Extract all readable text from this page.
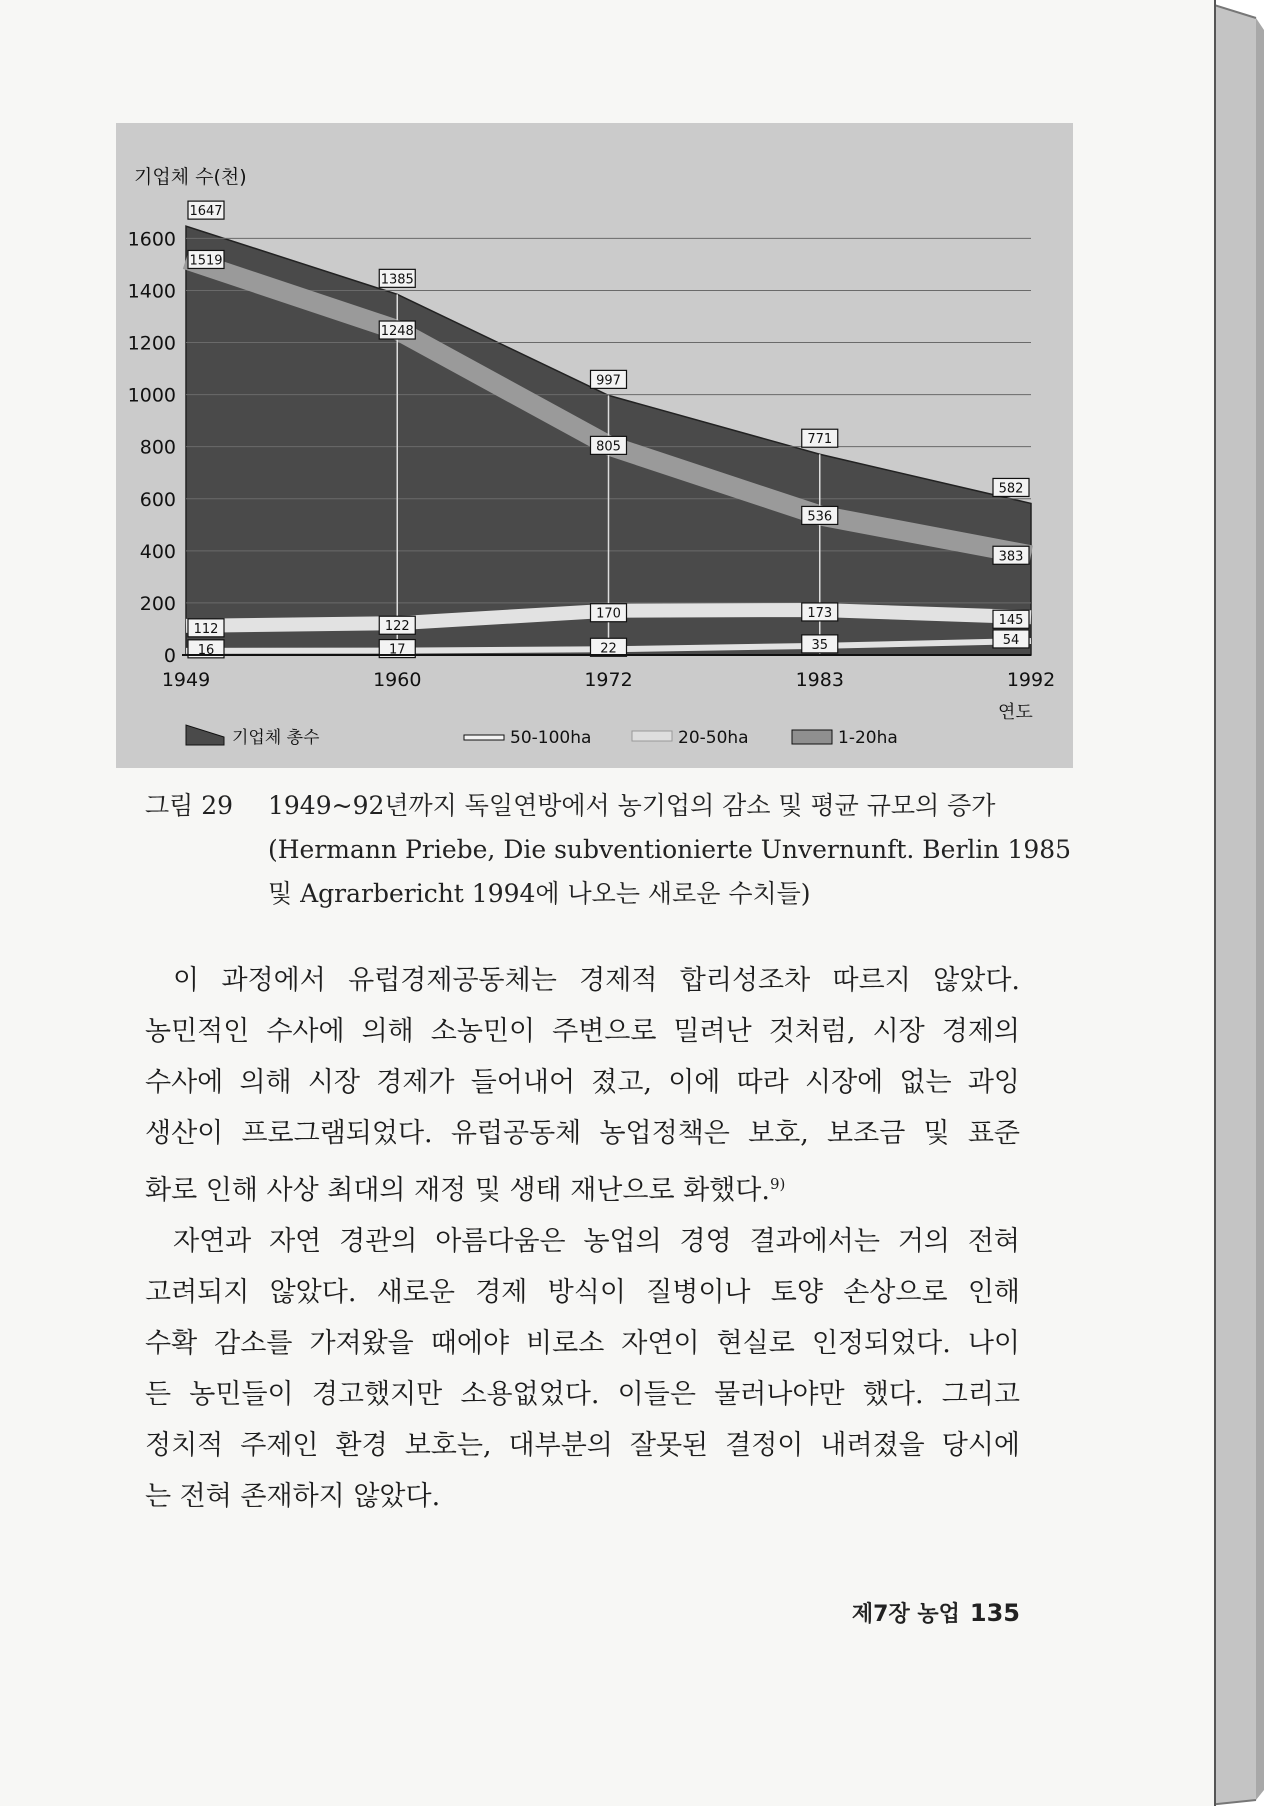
기업체 수(천)
연도
1647
1385
997
771
582
1519
1248
805
536
383
112	122
170	173	145
16	17	22	35	54
0
200
400
600
800
1000
1200
1400
1600
1949	1960	1972	1983	1992
기업체 총수	50-100ha	20-50ha	1-20ha
그림 29 1949~92년까지 독일연방에서 농기업의 감소 및 평균 규모의 증가
(Hermann Priebe, Die subventionierte Unvernunft. Berlin 1985
및 Agrarbericht 1994에 나오는 새로운 수치들)
이 과정에서 유럽경제공동체는 경제적 합리성조차 따르지 않았다.
농민적인 수사에 의해 소농민이 주변으로 밀려난 것처럼, 시장 경제의
수사에 의해 시장 경제가 들어내어 졌고, 이에 따라 시장에 없는 과잉
생산이 프로그램되었다. 유럽공동체 농업정책은 보호, 보조금 및 표준
화로 인해 사상 최대의 재정 및 생태 재난으로 화했다.$^{9)}$
자연과 자연 경관의 아름다움은 농업의 경영 결과에서는 거의 전혀
고려되지 않았다. 새로운 경제 방식이 질병이나 토양 손상으로 인해
수확 감소를 가져왔을 때에야 비로소 자연이 현실로 인정되었다. 나이
든 농민들이 경고했지만 소용없었다. 이들은 물러나야만 했다. 그리고
정치적 주제인 환경 보호는, 대부분의 잘못된 결정이 내려졌을 당시에
는 전혀 존재하지 않았다.
제7장 농업 135
